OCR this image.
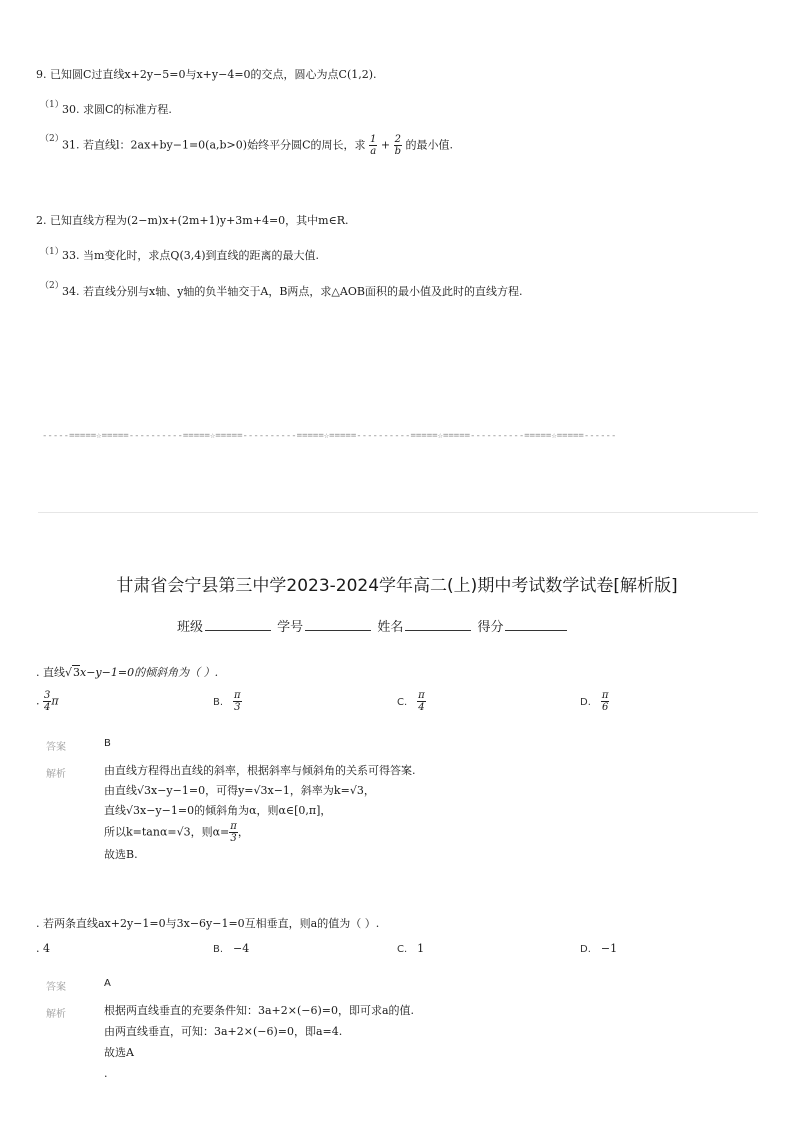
9. 已知圆C过直线x+2y−5=0与x+y−4=0的交点，圆心为点C(1,2).
（1）
30. 求圆C的标准方程.
（2）
31. 若直线l：2ax+by−1=0(a,b>0)始终平分圆C的周长，求 $\frac{1}{a} + \frac{2}{b}$ 的最小值.
2. 已知直线方程为(2−m)x+(2m+1)y+3m+4=0，其中m∈R.
（1）
33. 当m变化时，求点Q(3,4)到直线的距离的最大值.
（2）
34. 若直线分别与x轴、y轴的负半轴交于A，B两点，求△AOB面积的最小值及此时的直线方程.
-----=====☆=====----------=====☆=====----------=====☆=====----------=====☆=====----------=====☆=====------
甘肃省会宁县第三中学2023-2024学年高二(上)期中考试数学试卷[解析版]
班级	学号	姓名	得分
. 直线√3x−y−1=0的倾斜角为（ ）.
. $\frac{3}{4}$ π	B. $\frac{\pi}{3}$	C. $\frac{\pi}{4}$	D. $\frac{\pi}{6}$
答案	B
解析	由直线方程得出直线的斜率，根据斜率与倾斜角的关系可得答案.
由直线√3x−y−1=0，可得y=√3x−1，斜率为k=√3，
直线√3x−y−1=0的倾斜角为α，则α∈[0,π]，
所以k=tanα=√3，则$\alpha= \frac{\pi}{3}$ ，
故选B.
. 若两条直线ax+2y−1=0与3x−6y−1=0互相垂直，则a的值为（ ）.
. 4	B. −4	C. 1	D. −1
答案	A
解析	根据两直线垂直的充要条件知：3a+2×(−6)=0，即可求a的值.
由两直线垂直，可知：3a+2×(−6)=0，即a=4.
故选A
.
